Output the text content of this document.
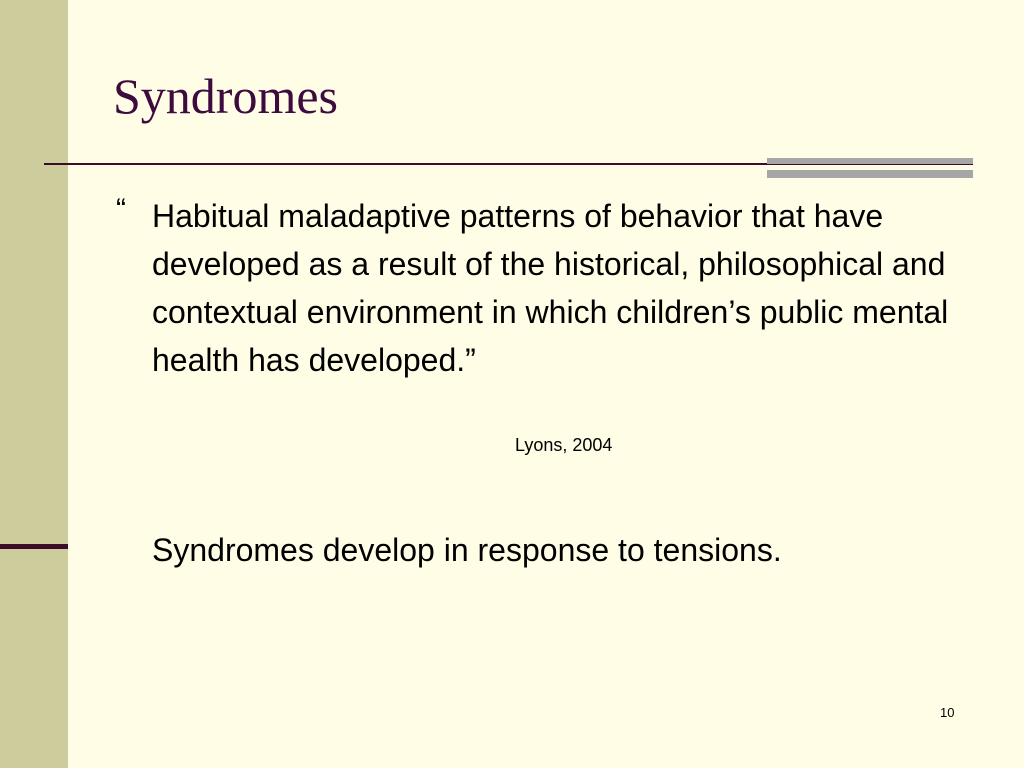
Syndromes
“ Habitual maladaptive patterns of behavior that have developed as a result of the historical, philosophical and contextual environment in which children’s public mental health has developed.”

Lyons, 2004

Syndromes develop in response to tensions.

10
